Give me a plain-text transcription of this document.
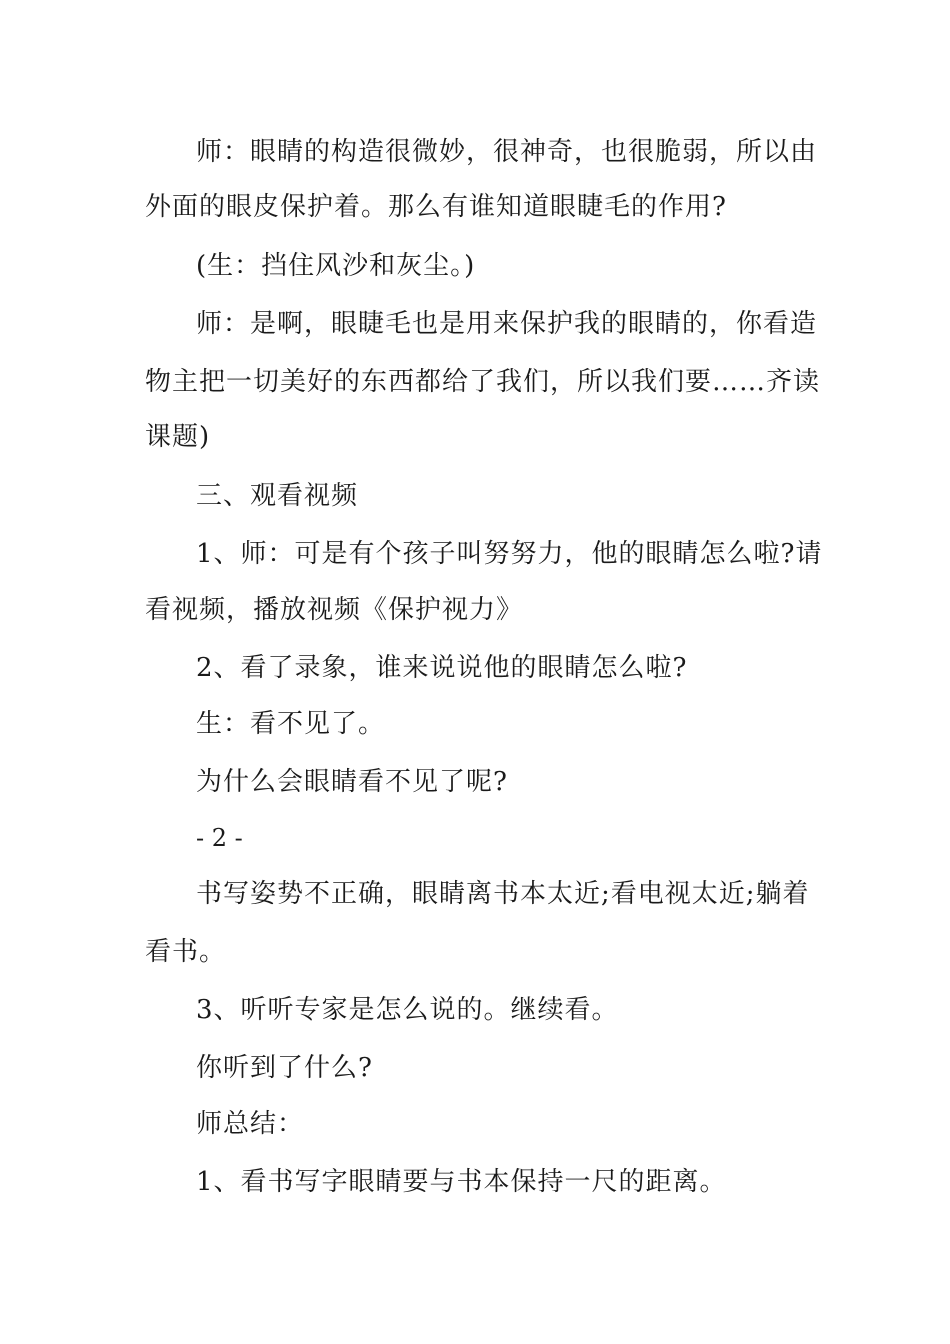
师：眼睛的构造很微妙，很神奇，也很脆弱，所以由
外面的眼皮保护着。那么有谁知道眼睫毛的作用?
(生：挡住风沙和灰尘。)
师：是啊，眼睫毛也是用来保护我的眼睛的，你看造
物主把一切美好的东西都给了我们，所以我们要……齐读
课题)
三、观看视频
1、师：可是有个孩子叫努努力，他的眼睛怎么啦?请
看视频，播放视频《保护视力》
2、看了录象，谁来说说他的眼睛怎么啦?
生：看不见了。
为什么会眼睛看不见了呢?
- 2 -
书写姿势不正确，眼睛离书本太近;看电视太近;躺着
看书。
3、听听专家是怎么说的。继续看。
你听到了什么?
师总结：
1、看书写字眼睛要与书本保持一尺的距离。
